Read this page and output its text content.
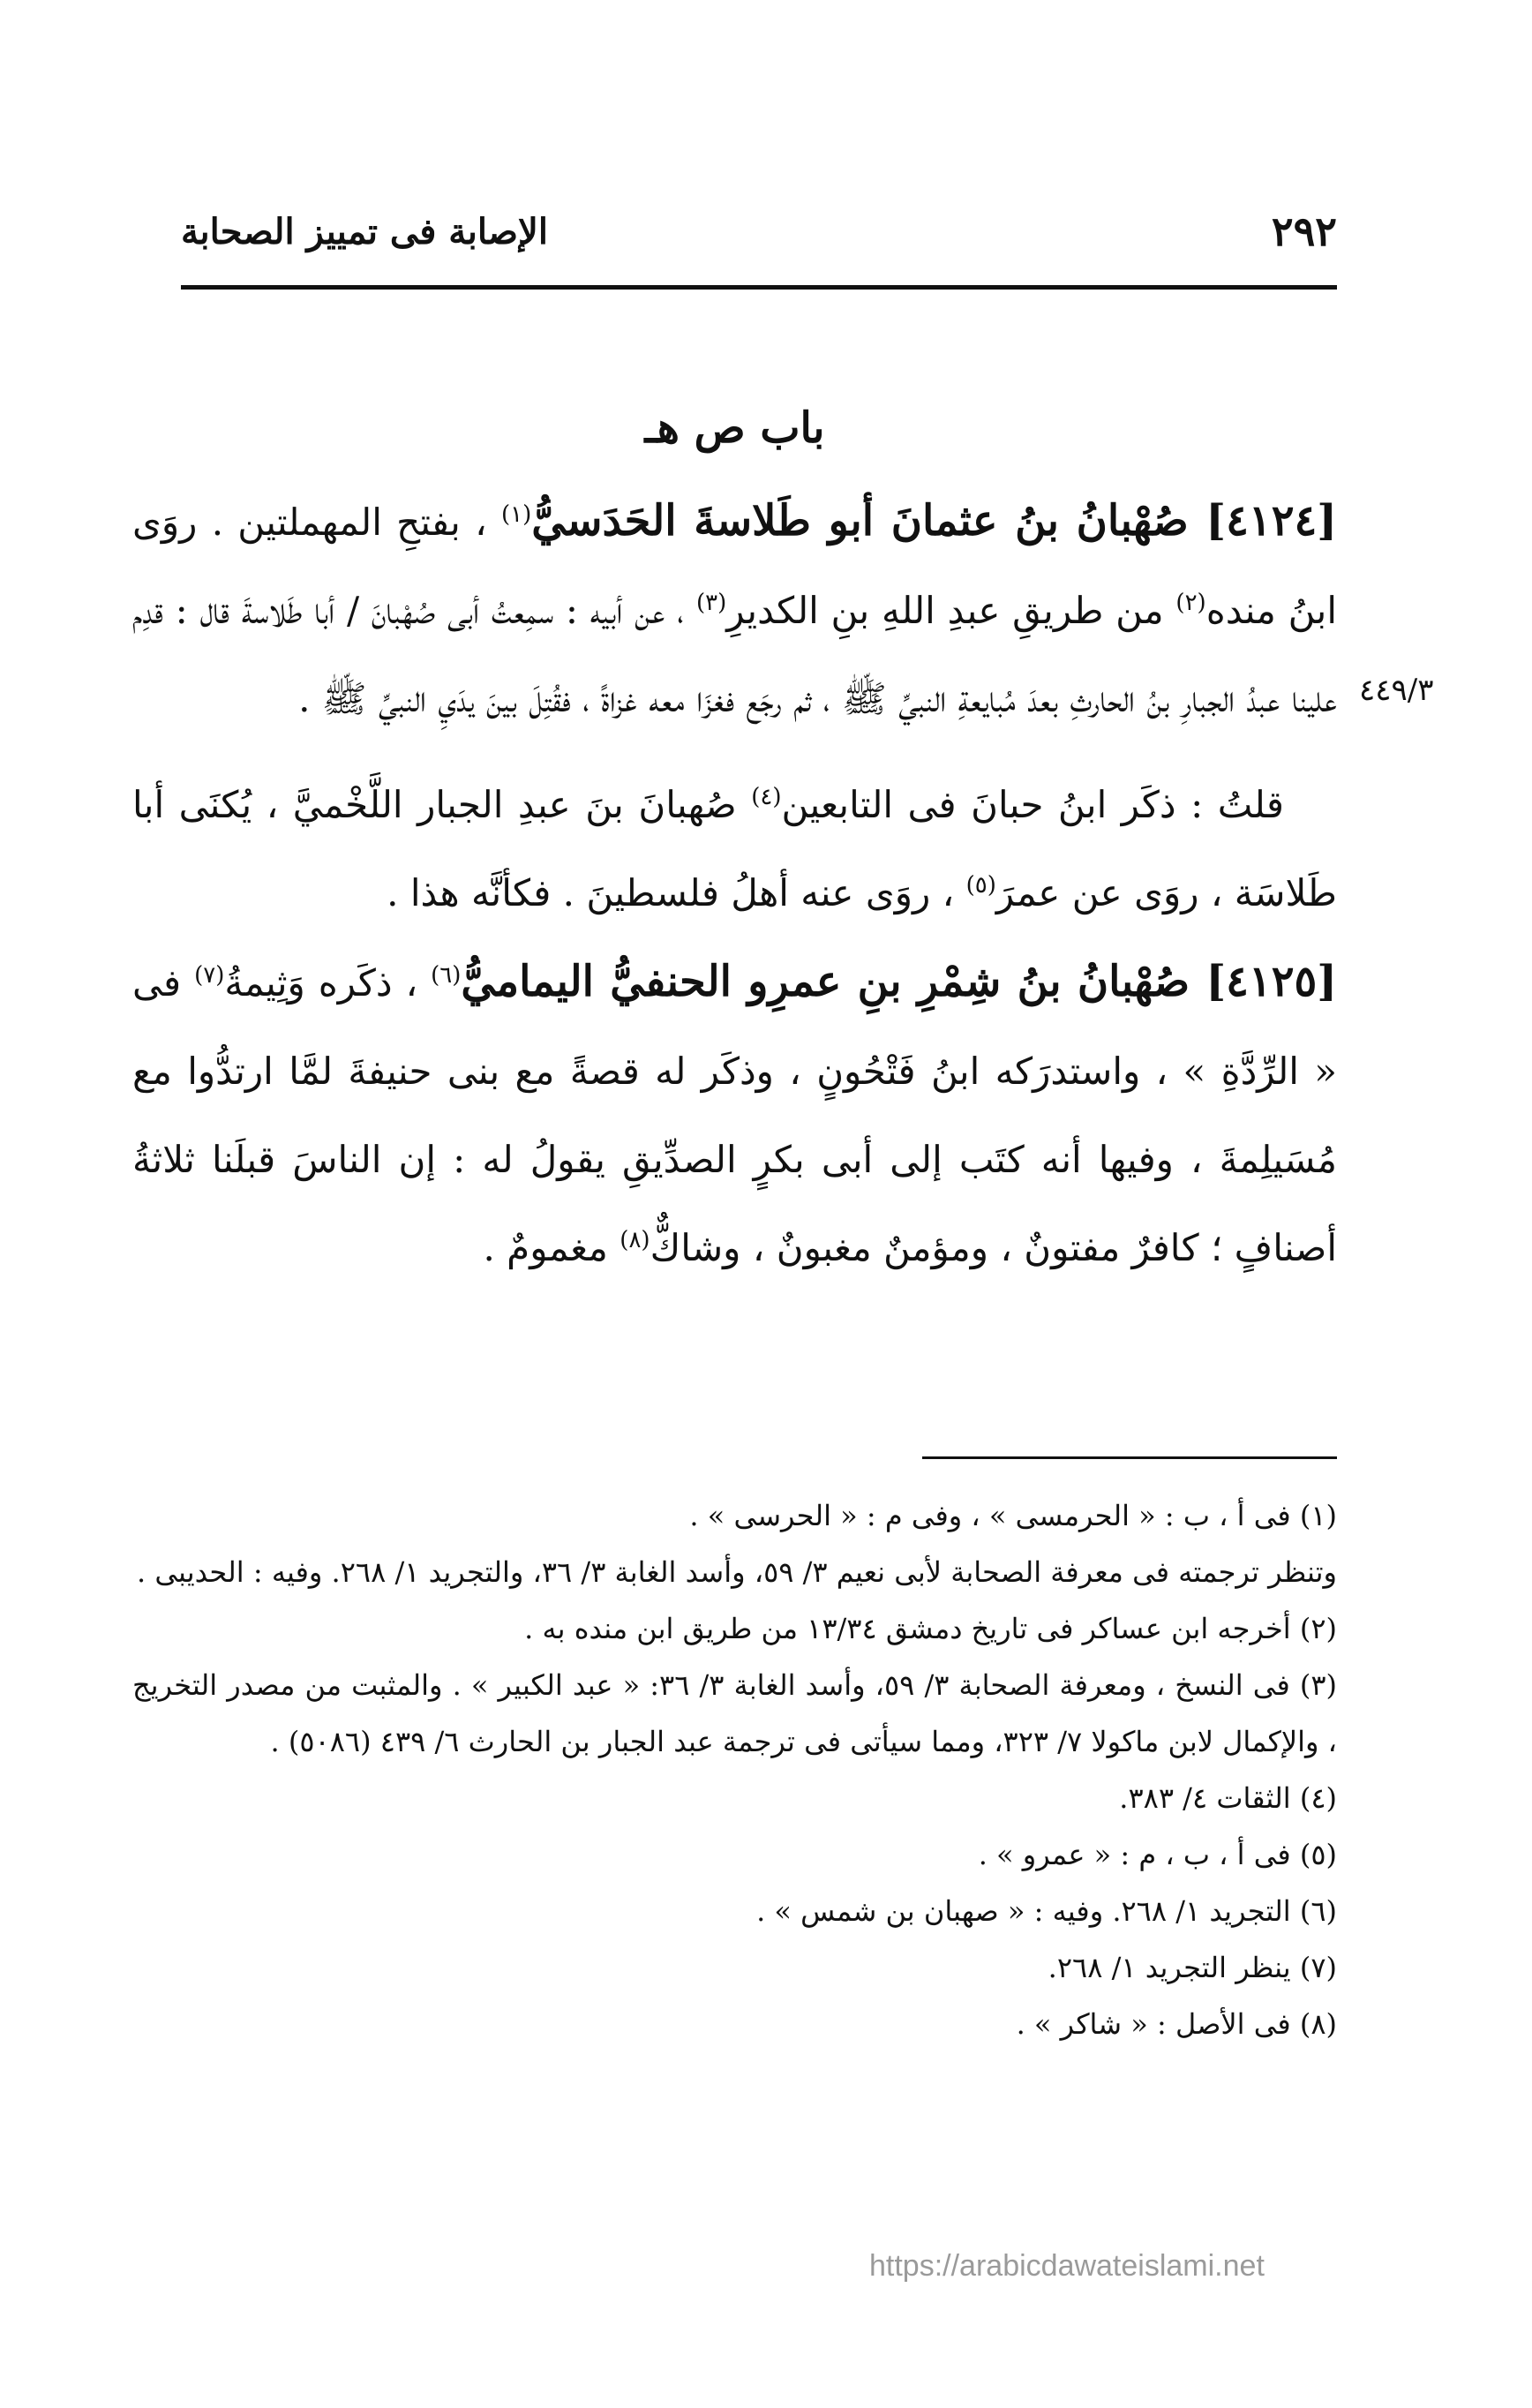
٢٩٢
الإصابة فى تمييز الصحابة
٤٤٩/٣
باب ص هـ

[٤١٢٤] صُهْبانُ بنُ عثمانَ أبو طَلاسةَ الحَدَسيُّ$^{(١)}$ ، بفتحِ المهملتين . روَى ابنُ منده$^{(٢)}$ من طريقِ عبدِ اللهِ بنِ الكديرِ$^{(٣)}$ ، عن أبيه : سمِعتُ أبى صُهْبانَ / أبا طَلاسةَ قال : قدِم علينا عبدُ الجبارِ بنُ الحارثِ بعدَ مُبايعةِ النبيِّ ﷺ ، ثم رجَع فغزَا معه غزاةً ، فقُتِلَ بينَ يدَيِ النبيِّ ﷺ .

قلتُ : ذكَر ابنُ حبانَ فى التابعين$^{(٤)}$ صُهبانَ بنَ عبدِ الجبار اللَّخْميَّ ، يُكنَى أبا طَلاسَة ، روَى عن عمرَ$^{(٥)}$ ، روَى عنه أهلُ فلسطينَ . فكأنَّه هذا .

[٤١٢٥] صُهْبانُ بنُ شِمْرِ بنِ عمرِو الحنفيُّ اليماميُّ$^{(٦)}$ ، ذكَره وَثِيمةُ$^{(٧)}$ فى « الرِّدَّةِ » ، واستدرَكه ابنُ فَتْحُونٍ ، وذكَر له قصةً مع بنى حنيفةَ لمَّا ارتدُّوا مع مُسَيلِمةَ ، وفيها أنه كتَب إلى أبى بكرٍ الصدِّيقِ يقولُ له : إن الناسَ قبلَنا ثلاثةُ أصنافٍ ؛ كافرٌ مفتونٌ ، ومؤمنٌ مغبونٌ ، وشاكٌّ$^{(٨)}$ مغمومٌ .

(١) فى أ ، ب : « الحرمسى » ، وفى م : « الحرسى » .

وتنظر ترجمته فى معرفة الصحابة لأبى نعيم ٣/ ٥٩، وأسد الغابة ٣/ ٣٦، والتجريد ١/ ٢٦٨. وفيه : الحديبى .

(٢) أخرجه ابن عساكر فى تاريخ دمشق ١٣/٣٤ من طريق ابن منده به .

(٣) فى النسخ ، ومعرفة الصحابة ٣/ ٥٩، وأسد الغابة ٣/ ٣٦: « عبد الكبير » . والمثبت من مصدر التخريج ، والإكمال لابن ماكولا ٧/ ٣٢٣، ومما سيأتى فى ترجمة عبد الجبار بن الحارث ٦/ ٤٣٩ (٥٠٨٦) .

(٤) الثقات ٤/ ٣٨٣.

(٥) فى أ ، ب ، م : « عمرو » .

(٦) التجريد ١/ ٢٦٨. وفيه : « صهبان بن شمس » .

(٧) ينظر التجريد ١/ ٢٦٨.

(٨) فى الأصل : « شاكر » .

https://arabicdawateislami.net
